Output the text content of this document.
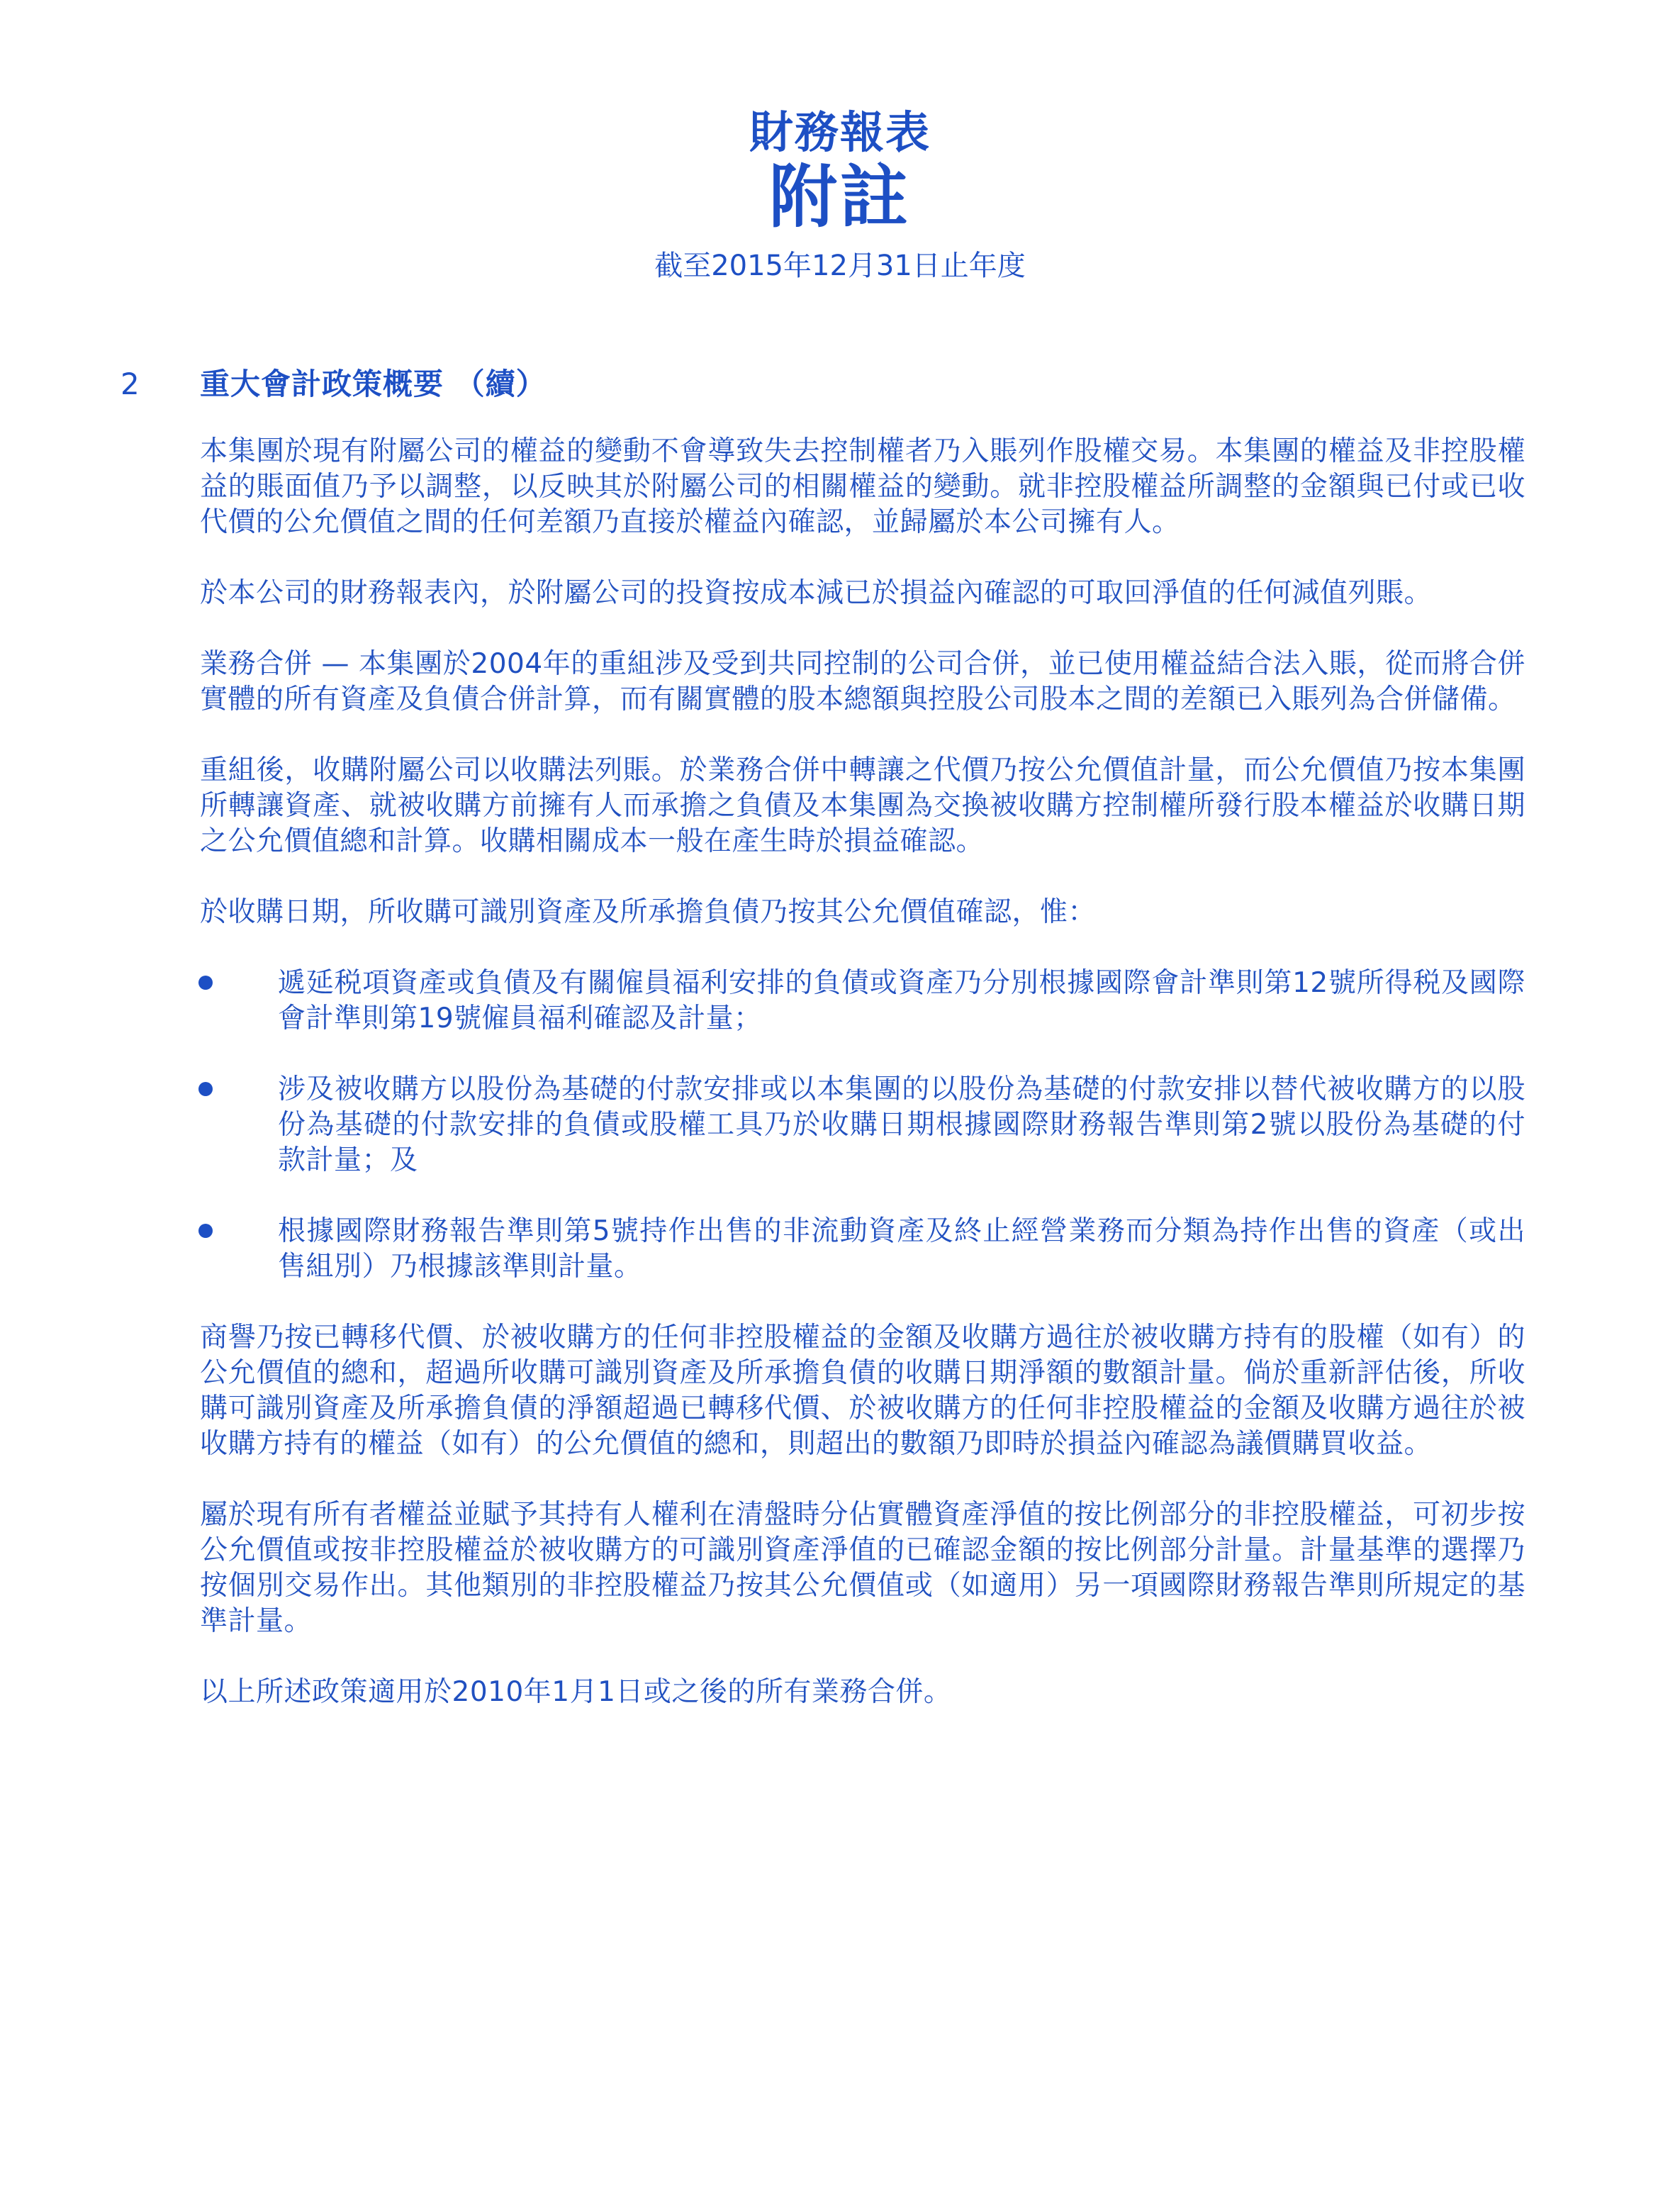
財務報表
附註
截至2015年12月31日止年度
2 重大會計政策概要 （續）

本集團於現有附屬公司的權益的變動不會導致失去控制權者乃入賬列作股權交易。本集團的權益及非控股權益的賬面值乃予以調整，以反映其於附屬公司的相關權益的變動。就非控股權益所調整的金額與已付或已收代價的公允價值之間的任何差額乃直接於權益內確認，並歸屬於本公司擁有人。

於本公司的財務報表內，於附屬公司的投資按成本減已於損益內確認的可取回淨值的任何減值列賬。

業務合併 — 本集團於2004年的重組涉及受到共同控制的公司合併，並已使用權益結合法入賬，從而將合併實體的所有資產及負債合併計算，而有關實體的股本總額與控股公司股本之間的差額已入賬列為合併儲備。

重組後，收購附屬公司以收購法列賬。於業務合併中轉讓之代價乃按公允價值計量，而公允價值乃按本集團所轉讓資產、就被收購方前擁有人而承擔之負債及本集團為交換被收購方控制權所發行股本權益於收購日期之公允價值總和計算。收購相關成本一般在產生時於損益確認。

於收購日期，所收購可識別資產及所承擔負債乃按其公允價值確認，惟：

遞延税項資產或負債及有關僱員福利安排的負債或資產乃分別根據國際會計準則第12號所得税及國際會計準則第19號僱員福利確認及計量；
涉及被收購方以股份為基礎的付款安排或以本集團的以股份為基礎的付款安排以替代被收購方的以股份為基礎的付款安排的負債或股權工具乃於收購日期根據國際財務報告準則第2號以股份為基礎的付款計量；及
根據國際財務報告準則第5號持作出售的非流動資產及終止經營業務而分類為持作出售的資產（或出售組別）乃根據該準則計量。

商譽乃按已轉移代價、於被收購方的任何非控股權益的金額及收購方過往於被收購方持有的股權（如有）的公允價值的總和，超過所收購可識別資產及所承擔負債的收購日期淨額的數額計量。倘於重新評估後，所收購可識別資產及所承擔負債的淨額超過已轉移代價、於被收購方的任何非控股權益的金額及收購方過往於被收購方持有的權益（如有）的公允價值的總和，則超出的數額乃即時於損益內確認為議價購買收益。

屬於現有所有者權益並賦予其持有人權利在清盤時分佔實體資產淨值的按比例部分的非控股權益，可初步按公允價值或按非控股權益於被收購方的可識別資產淨值的已確認金額的按比例部分計量。計量基準的選擇乃按個別交易作出。其他類別的非控股權益乃按其公允價值或（如適用）另一項國際財務報告準則所規定的基準計量。

以上所述政策適用於2010年1月1日或之後的所有業務合併。
